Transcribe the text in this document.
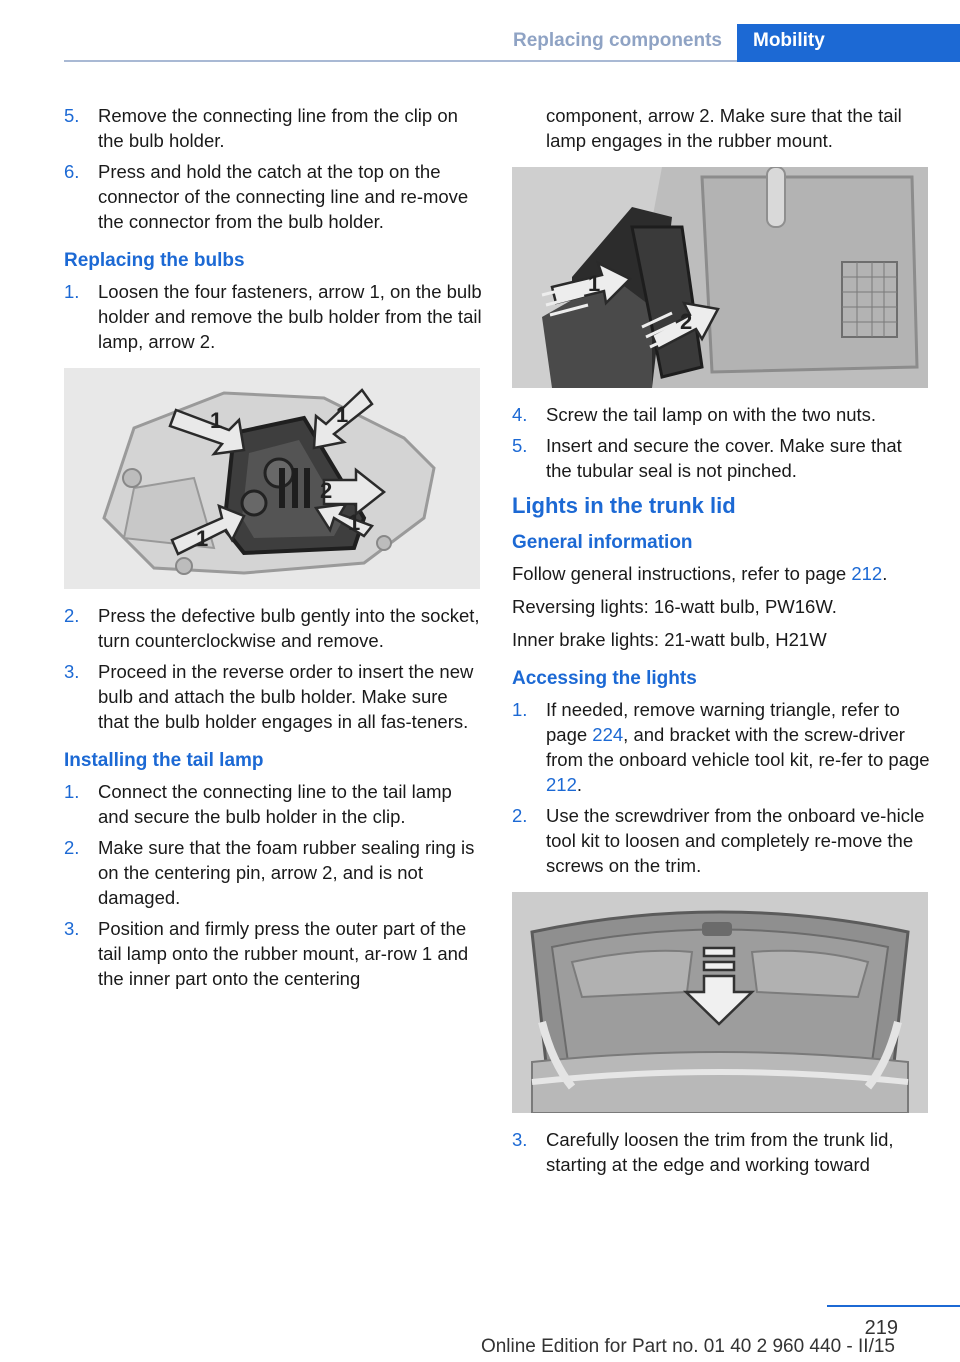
Replacing components	Mobility
5.	Remove the connecting line from the clip on the bulb holder.
6.	Press and hold the catch at the top on the connector of the connecting line and re‐move the connector from the bulb holder.
Replacing the bulbs
1.	Loosen the four fasteners, arrow 1, on the bulb holder and remove the bulb holder from the tail lamp, arrow 2.
1	1
1
1
2
2.	Press the defective bulb gently into the socket, turn counterclockwise and remove.
3.	Proceed in the reverse order to insert the new bulb and attach the bulb holder. Make sure that the bulb holder engages in all fas‐teners.
Installing the tail lamp
1.	Connect the connecting line to the tail lamp and secure the bulb holder in the clip.
2.	Make sure that the foam rubber sealing ring is on the centering pin, arrow 2, and is not damaged.
3.	Position and firmly press the outer part of the tail lamp onto the rubber mount, ar‐row 1 and the inner part onto the centering
component, arrow 2. Make sure that the tail lamp engages in the rubber mount.
1
2
4.	Screw the tail lamp on with the two nuts.
5.	Insert and secure the cover. Make sure that the tubular seal is not pinched.
Lights in the trunk lid
General information
Follow general instructions, refer to page 212.
Reversing lights: 16-watt bulb, PW16W.
Inner brake lights: 21-watt bulb, H21W
Accessing the lights
1.	If needed, remove warning triangle, refer to page 224, and bracket with the screw‐driver from the onboard vehicle tool kit, re‐fer to page 212.
2.	Use the screwdriver from the onboard ve‐hicle tool kit to loosen and completely re‐move the screws on the trim.
3.	Carefully loosen the trim from the trunk lid, starting at the edge and working toward
219
Online Edition for Part no. 01 40 2 960 440 - II/15
